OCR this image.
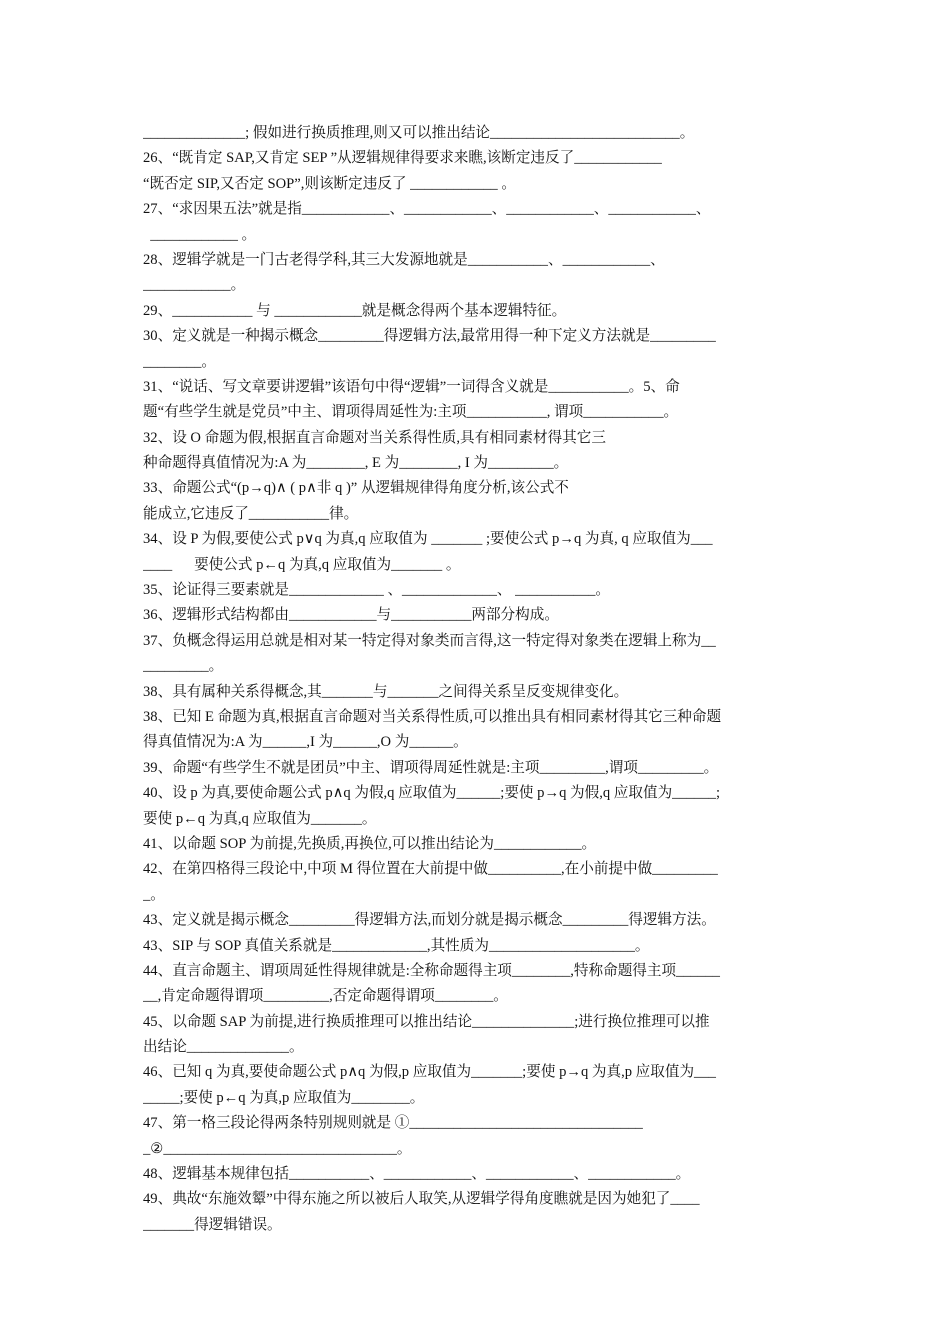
______________; 假如进行换质推理,则又可以推出结论__________________________。
26、“既肯定 SAP,又肯定 SEP ”从逻辑规律得要求来瞧,该断定违反了____________
“既否定 SIP,又否定 SOP”,则该断定违反了 ____________ 。
27、“求因果五法”就是指____________、____________、____________、____________、
____________ 。
28、逻辑学就是一门古老得学科,其三大发源地就是___________、____________、
____________。
29、___________ 与 ____________就是概念得两个基本逻辑特征。
30、定义就是一种揭示概念_________得逻辑方法,最常用得一种下定义方法就是_________
________。
31、“说话、写文章要讲逻辑”该语句中得“逻辑”一词得含义就是___________。5、命
题“有些学生就是党员”中主、谓项得周延性为:主项___________, 谓项___________。
32、设 O 命题为假,根据直言命题对当关系得性质,具有相同素材得其它三
种命题得真值情况为:A 为________, E 为________, I 为_________。
33、命题公式“(p→q)∧ ( p∧非 q )” 从逻辑规律得角度分析,该公式不
能成立,它违反了___________律。
34、设 P 为假,要使公式 p∨q 为真,q 应取值为 _______ ;要使公式 p→q 为真, q 应取值为___
____      要使公式 p←q 为真,q 应取值为_______ 。
35、论证得三要素就是_____________ 、_____________、 ___________。
36、逻辑形式结构都由____________与___________两部分构成。
37、负概念得运用总就是相对某一特定得对象类而言得,这一特定得对象类在逻辑上称为__
_________。
38、具有属种关系得概念,其_______与_______之间得关系呈反变规律变化。
38、已知 E 命题为真,根据直言命题对当关系得性质,可以推出具有相同素材得其它三种命题
得真值情况为:A 为______,I 为______,O 为______。
39、命题“有些学生不就是团员”中主、谓项得周延性就是:主项_________,谓项_________。
40、设 p 为真,要使命题公式 p∧q 为假,q 应取值为______;要使 p→q 为假,q 应取值为______;
要使 p←q 为真,q 应取值为_______。
41、以命题 SOP 为前提,先换质,再换位,可以推出结论为____________。
42、在第四格得三段论中,中项 M 得位置在大前提中做__________,在小前提中做_________
_。
43、定义就是揭示概念_________得逻辑方法,而划分就是揭示概念_________得逻辑方法。
43、SIP 与 SOP 真值关系就是_____________,其性质为____________________。
44、直言命题主、谓项周延性得规律就是:全称命题得主项________,特称命题得主项______
__,肯定命题得谓项_________,否定命题得谓项________。
45、以命题 SAP 为前提,进行换质推理可以推出结论______________;进行换位推理可以推
出结论______________。
46、已知 q 为真,要使命题公式 p∧q 为假,p 应取值为_______;要使 p→q 为真,p 应取值为___
_____;要使 p←q 为真,p 应取值为________。
47、第一格三段论得两条特别规则就是 ①________________________________
_②________________________________。
48、逻辑基本规律包括___________、____________、____________、____________。
49、典故“东施效颦”中得东施之所以被后人取笑,从逻辑学得角度瞧就是因为她犯了____
_______得逻辑错误。
